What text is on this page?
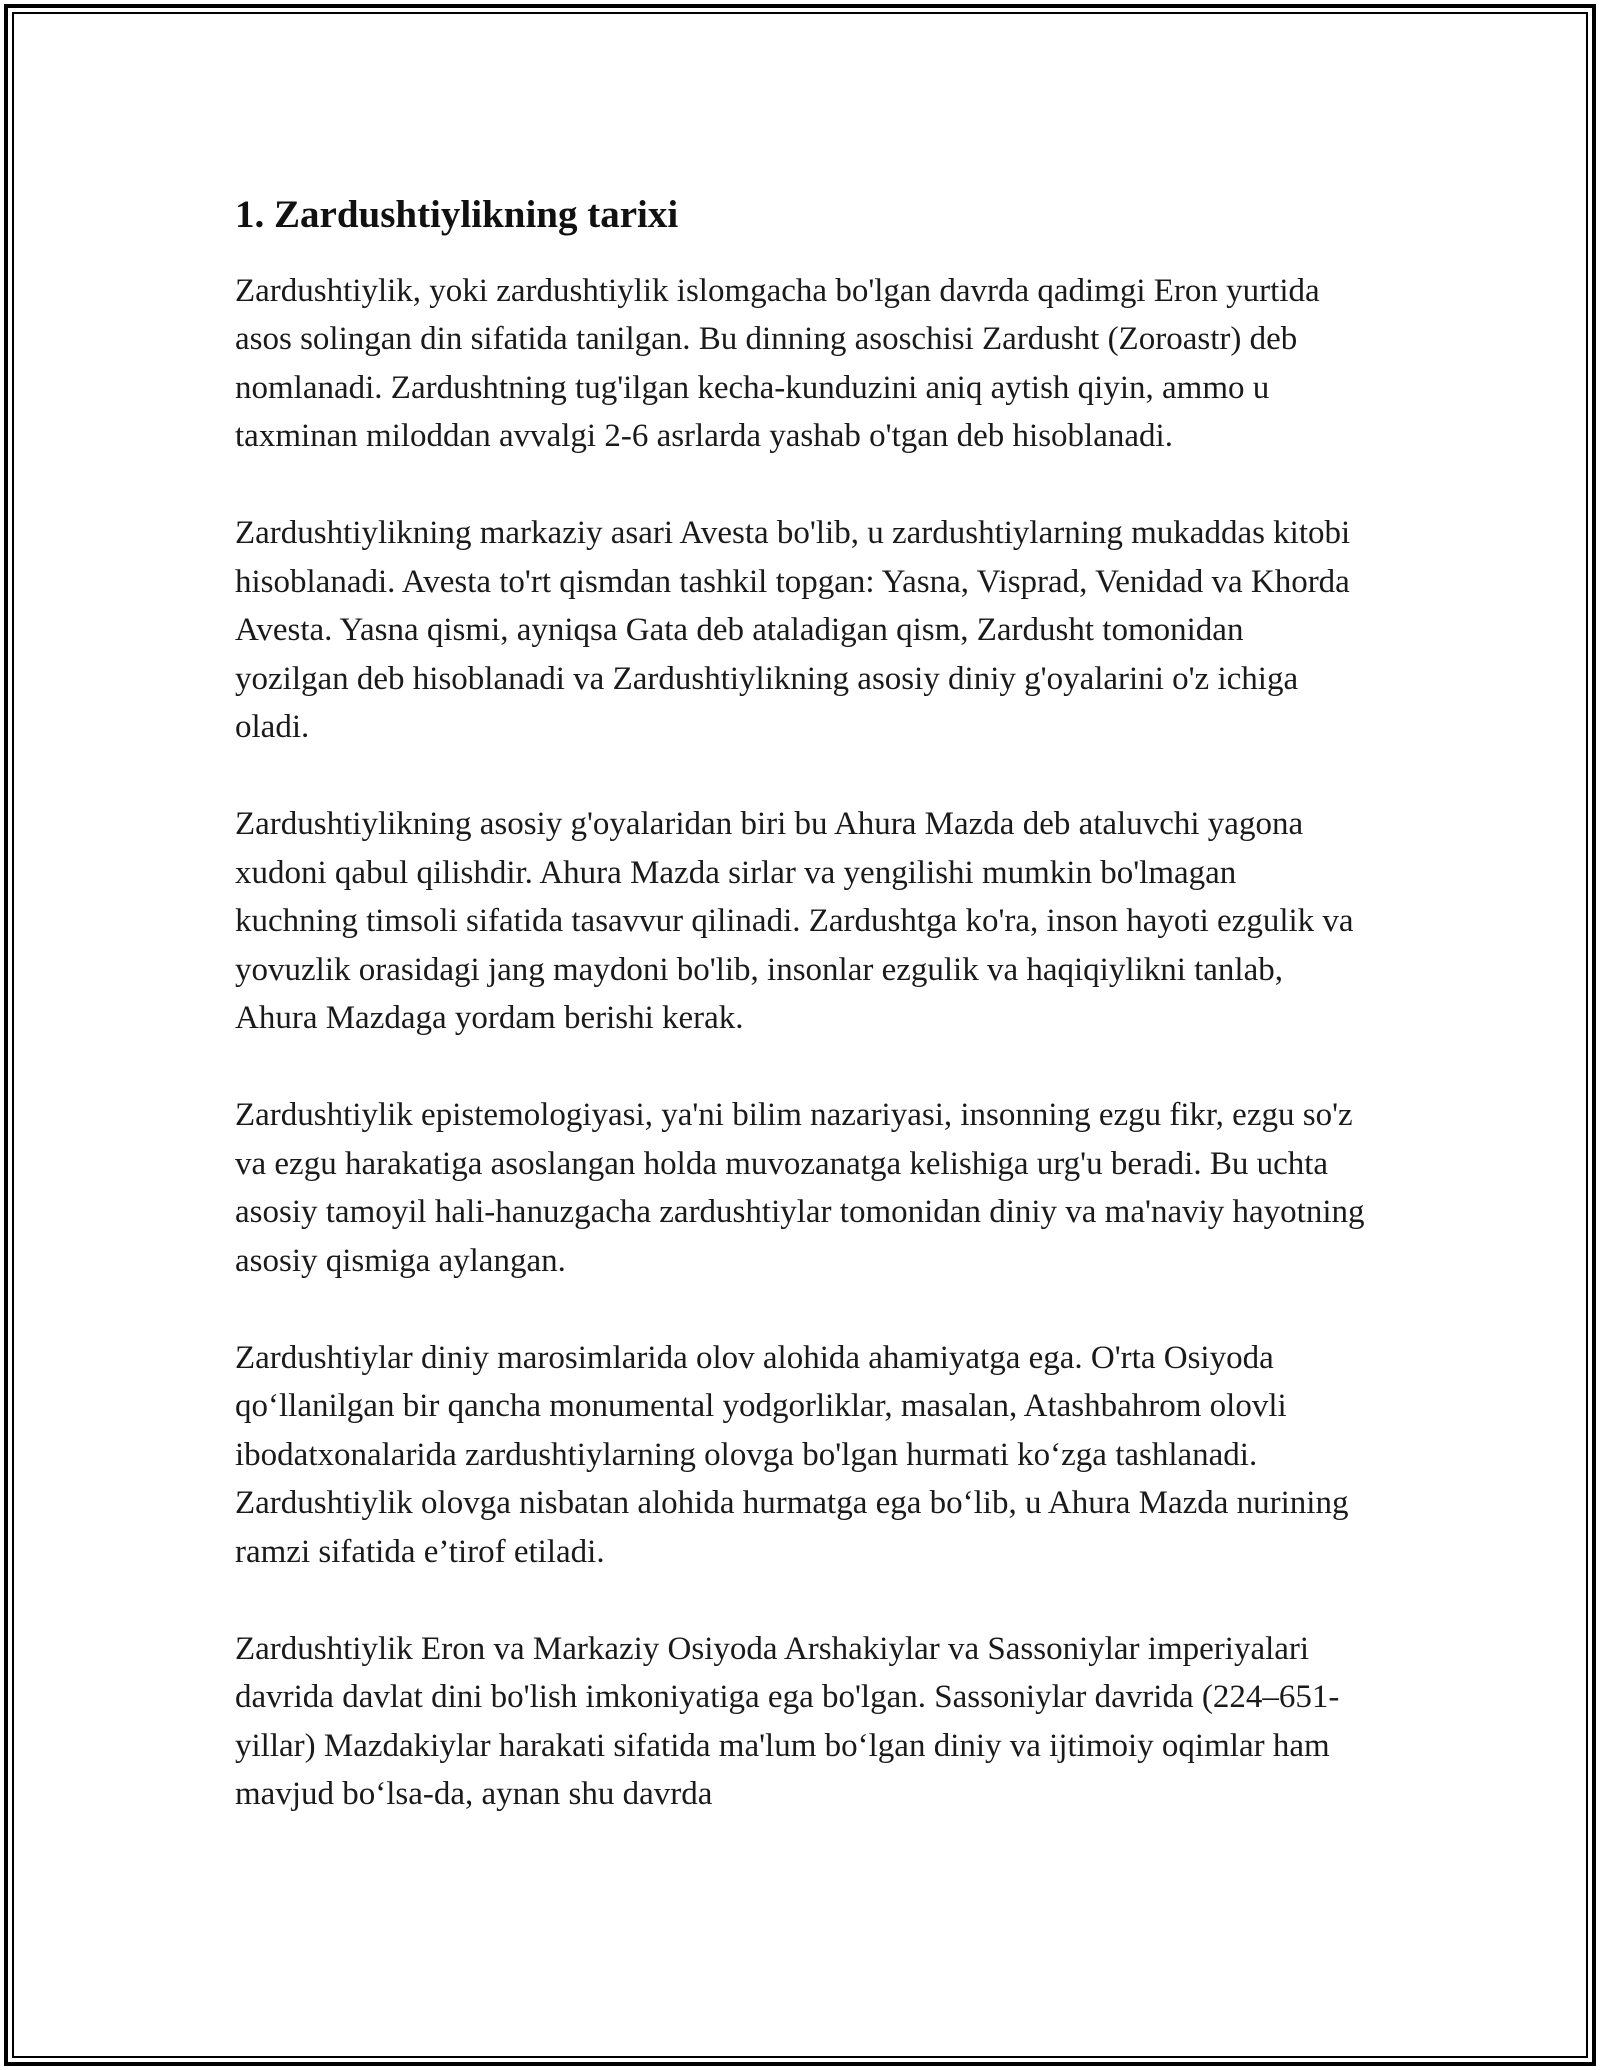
1. Zardushtiylikning tarixi

Zardushtiylik, yoki zardushtiylik islomgacha bo'lgan davrda qadimgi Eron yurtida asos solingan din sifatida tanilgan. Bu dinning asoschisi Zardusht (Zoroastr) deb nomlanadi. Zardushtning tug'ilgan kecha-kunduzini aniq aytish qiyin, ammo u taxminan miloddan avvalgi 2-6 asrlarda yashab o'tgan deb hisoblanadi.

Zardushtiylikning markaziy asari Avesta bo'lib, u zardushtiylarning mukaddas kitobi hisoblanadi. Avesta to'rt qismdan tashkil topgan: Yasna, Visprad, Venidad va Khorda Avesta. Yasna qismi, ayniqsa Gata deb ataladigan qism, Zardusht tomonidan yozilgan deb hisoblanadi va Zardushtiylikning asosiy diniy g'oyalarini o'z ichiga oladi.

Zardushtiylikning asosiy g'oyalaridan biri bu Ahura Mazda deb ataluvchi yagona xudoni qabul qilishdir. Ahura Mazda sirlar va yengilishi mumkin bo'lmagan kuchning timsoli sifatida tasavvur qilinadi. Zardushtga ko'ra, inson hayoti ezgulik va yovuzlik orasidagi jang maydoni bo'lib, insonlar ezgulik va haqiqiylikni tanlab, Ahura Mazdaga yordam berishi kerak.

Zardushtiylik epistemologiyasi, ya'ni bilim nazariyasi, insonning ezgu fikr, ezgu so'z va ezgu harakatiga asoslangan holda muvozanatga kelishiga urg'u beradi. Bu uchta asosiy tamoyil hali-hanuzgacha zardushtiylar tomonidan diniy va ma'naviy hayotning asosiy qismiga aylangan.

Zardushtiylar diniy marosimlarida olov alohida ahamiyatga ega. O'rta Osiyoda qo‘llanilgan bir qancha monumental yodgorliklar, masalan, Atashbahrom olovli ibodatxonalarida zardushtiylarning olovga bo'lgan hurmati ko‘zga tashlanadi. Zardushtiylik olovga nisbatan alohida hurmatga ega bo‘lib, u Ahura Mazda nurining ramzi sifatida e’tirof etiladi.

Zardushtiylik Eron va Markaziy Osiyoda Arshakiylar va Sassoniylar imperiyalari davrida davlat dini bo'lish imkoniyatiga ega bo'lgan. Sassoniylar davrida (224–651-yillar) Mazdakiylar harakati sifatida ma'lum bo‘lgan diniy va ijtimoiy oqimlar ham mavjud bo‘lsa-da, aynan shu davrda
